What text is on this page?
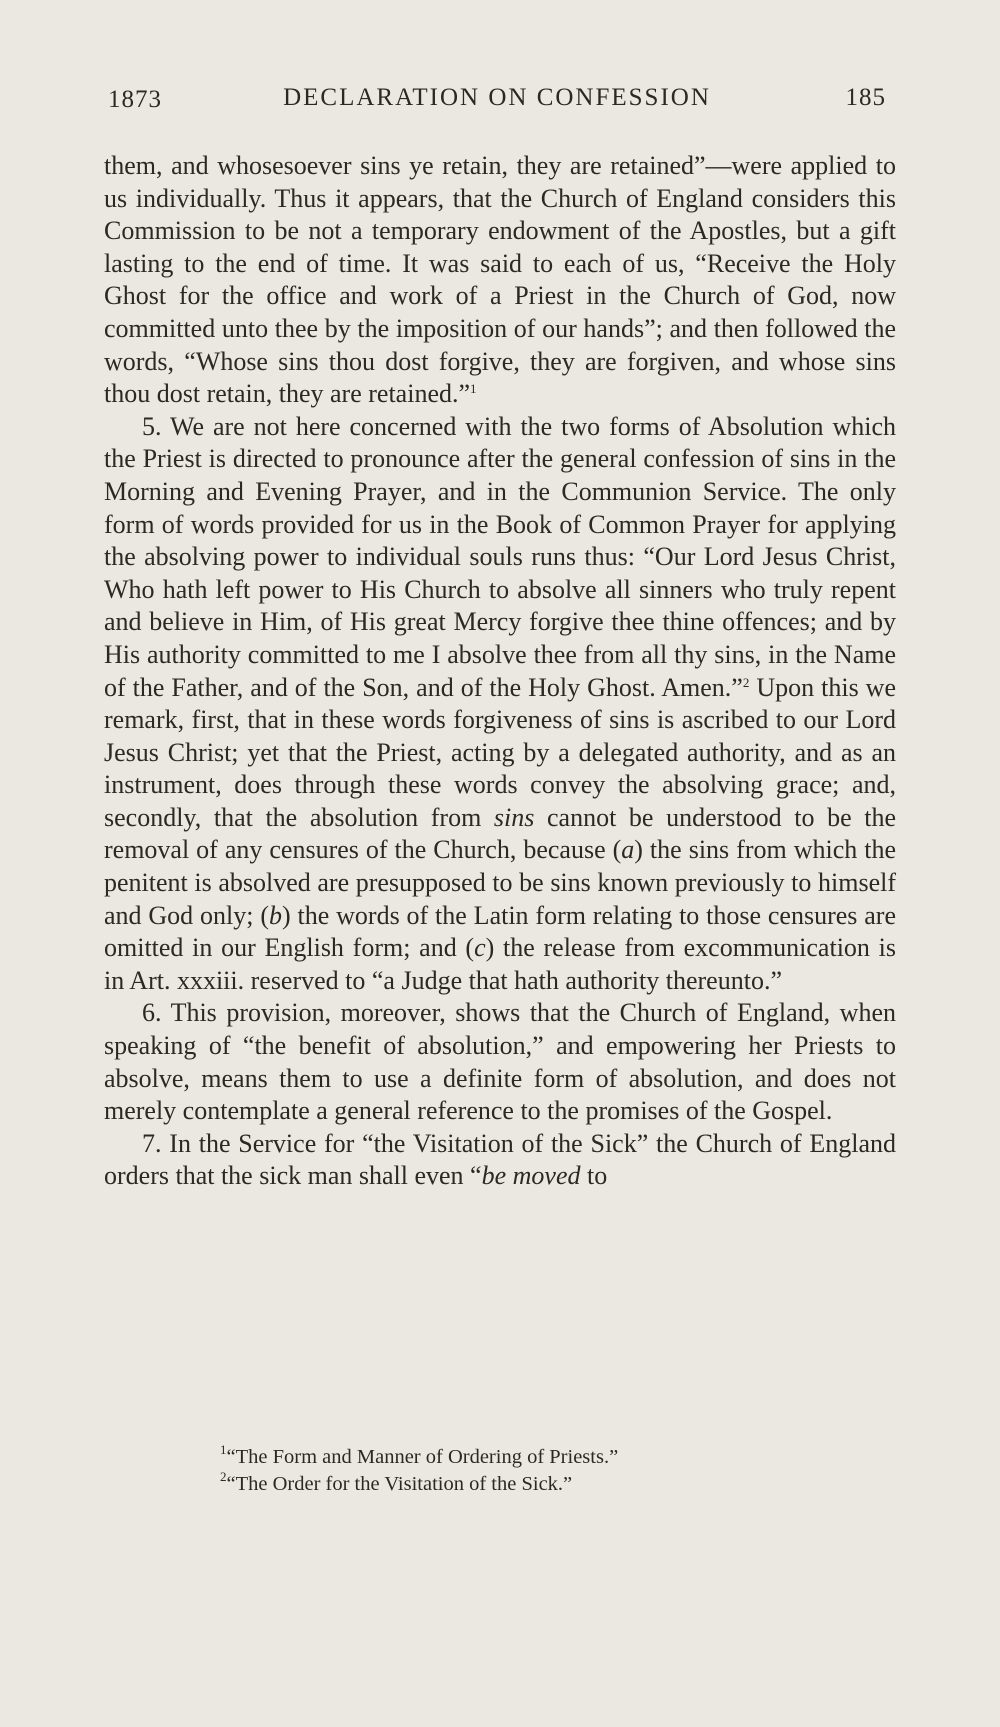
1873	DECLARATION ON CONFESSION	185

them, and whosesoever sins ye retain, they are retained”—were applied to us individually. Thus it appears, that the Church of England considers this Commission to be not a temporary endowment of the Apostles, but a gift lasting to the end of time. It was said to each of us, “Receive the Holy Ghost for the office and work of a Priest in the Church of God, now committed unto thee by the imposition of our hands”; and then followed the words, “Whose sins thou dost forgive, they are forgiven, and whose sins thou dost retain, they are retained.”$^1$

5. We are not here concerned with the two forms of Absolution which the Priest is directed to pronounce after the general confession of sins in the Morning and Evening Prayer, and in the Communion Service. The only form of words provided for us in the Book of Common Prayer for applying the absolving power to individual souls runs thus: “Our Lord Jesus Christ, Who hath left power to His Church to absolve all sinners who truly repent and believe in Him, of His great Mercy forgive thee thine offences; and by His authority committed to me I absolve thee from all thy sins, in the Name of the Father, and of the Son, and of the Holy Ghost. Amen.”$^2$ Upon this we remark, first, that in these words forgiveness of sins is ascribed to our Lord Jesus Christ; yet that the Priest, acting by a delegated authority, and as an instrument, does through these words convey the absolving grace; and, secondly, that the absolution from sins cannot be understood to be the removal of any censures of the Church, because (a) the sins from which the penitent is absolved are presupposed to be sins known previously to himself and God only; (b) the words of the Latin form relating to those censures are omitted in our English form; and (c) the release from excommunication is in Art. xxxiii. reserved to “a Judge that hath authority thereunto.”

6. This provision, moreover, shows that the Church of England, when speaking of “the benefit of absolution,” and empowering her Priests to absolve, means them to use a definite form of absolution, and does not merely contemplate a general reference to the promises of the Gospel.

7. In the Service for “the Visitation of the Sick” the Church of England orders that the sick man shall even “be moved to

$^1$“The Form and Manner of Ordering of Priests.”
$^2$“The Order for the Visitation of the Sick.”
